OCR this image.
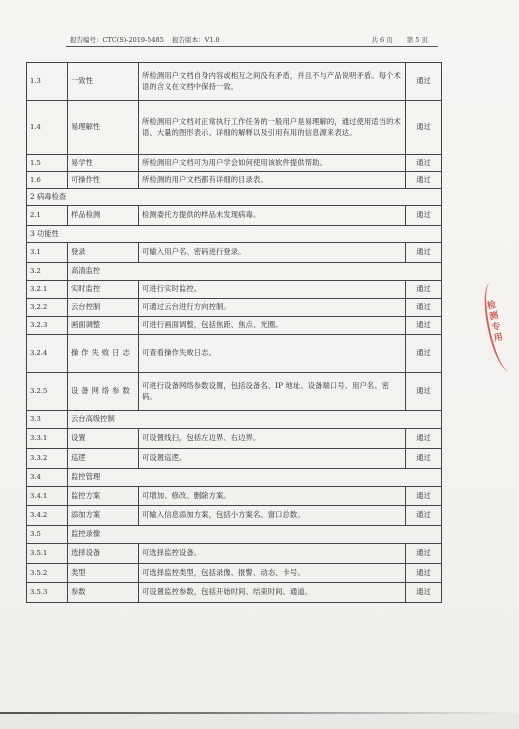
报告编号：CTC(S)-2019-5485 报告版本：V1.0	共 6 页 第 5 页
1.3	一致性	所检测用户文档自身内容或相互之间没有矛盾，并且不与产品说明矛盾。每个术语的含义在文档中保持一致。	通过
1.4	易理解性	所检测用户文档对正常执行工作任务的一般用户是易理解的，通过使用适当的术语、大量的图形表示、详细的解释以及引用有用的信息源来表达。	通过
1.5	易学性	所检测用户文档可为用户学会如何使用该软件提供帮助。	通过
1.6	可操作性	所检测的用户文档都有详细的目录表。	通过
2 病毒检查			
2.1	样品检测	检测委托方提供的样品未发现病毒。	通过
3 功能性			
3.1	登录	可输入用户名、密码进行登录。	通过
3.2	高清监控		
3.2.1	实时监控	可进行实时监控。	通过
3.2.2	云台控制	可通过云台进行方向控制。	通过
3.2.3	画面调整	可进行画面调整，包括焦距、焦点、光圈。	通过
3.2.4	操作失败日志	可查看操作失败日志。	通过
3.2.5	设备网络参数	可进行设备网络参数设置，包括设备名、IP 地址、设备端口号、用户名、密码。	通过
3.3	云台高级控制		
3.3.1	设置	可设置线扫，包括左边界、右边界。	通过
3.3.2	巡逻	可设置巡逻。	通过
3.4	监控管理		
3.4.1	监控方案	可增加、修改、删除方案。	通过
3.4.2	添加方案	可输入信息添加方案，包括小方案名、窗口总数。	通过
3.5	监控录像		
3.5.1	选择设备	可选择监控设备。	通过
3.5.2	类型	可选择监控类型，包括录像、报警、动态、卡号。	通过
3.5.3	参数	可设置监控参数，包括开始时间、结束时间、通道。	通过
检测专用
